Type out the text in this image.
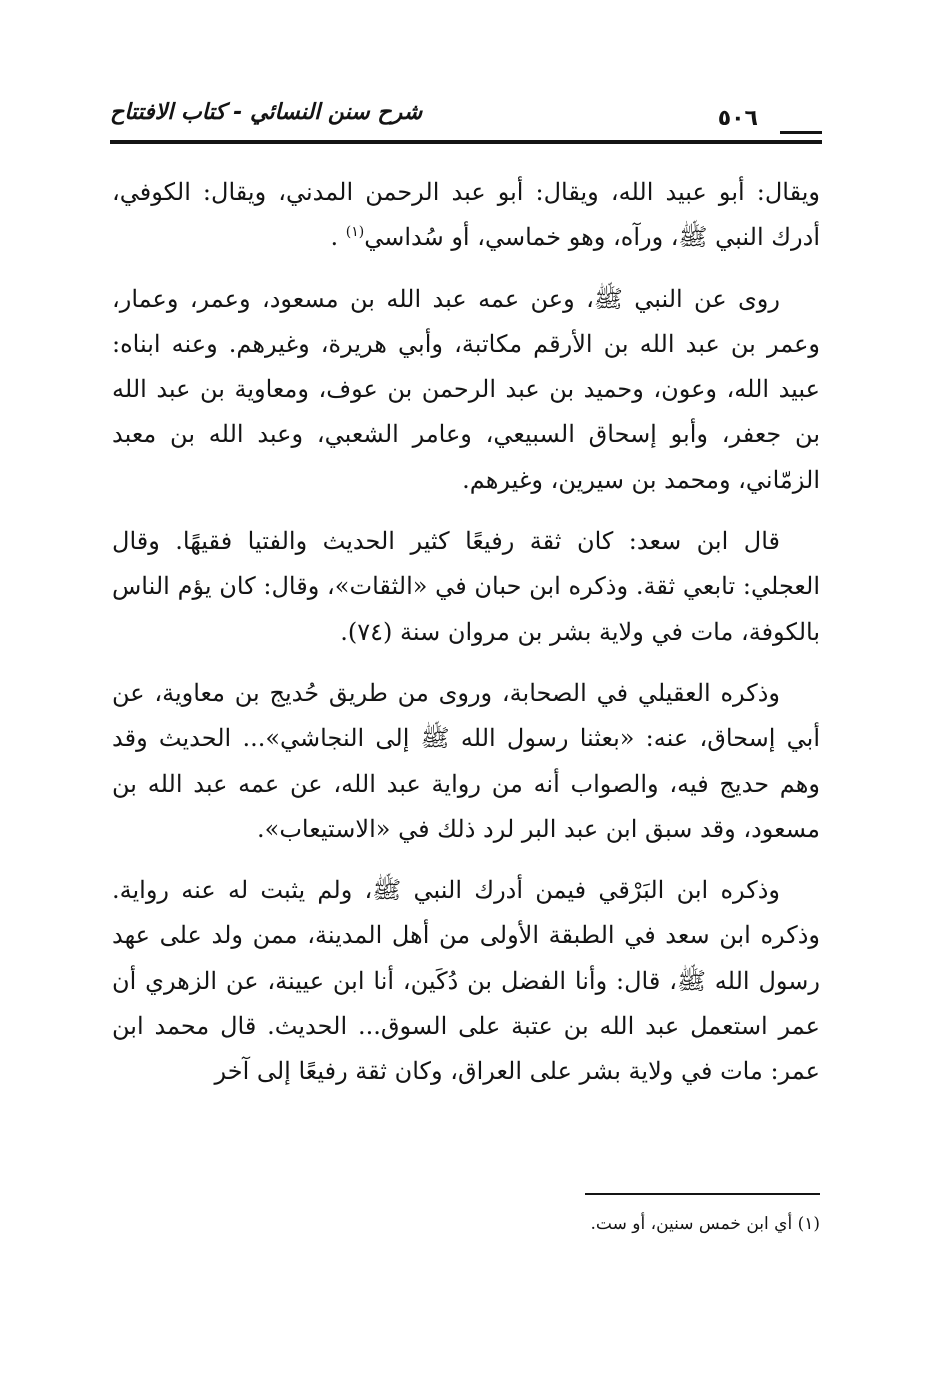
شرح سنن النسائي - كتاب الافتتاح	٥٠٦

ويقال: أبو عبيد الله، ويقال: أبو عبد الرحمن المدني، ويقال: الكوفي، أدرك النبي ﷺ، ورآه، وهو خماسي، أو سُداسي$^{(١)}$ .

روى عن النبي ﷺ، وعن عمه عبد الله بن مسعود، وعمر، وعمار، وعمر بن عبد الله بن الأرقم مكاتبة، وأبي هريرة، وغيرهم. وعنه ابناه: عبيد الله، وعون، وحميد بن عبد الرحمن بن عوف، ومعاوية بن عبد الله بن جعفر، وأبو إسحاق السبيعي، وعامر الشعبي، وعبد الله بن معبد الزمّاني، ومحمد بن سيرين، وغيرهم.

قال ابن سعد: كان ثقة رفيعًا كثير الحديث والفتيا فقيهًا. وقال العجلي: تابعي ثقة. وذكره ابن حبان في «الثقات»، وقال: كان يؤم الناس بالكوفة، مات في ولاية بشر بن مروان سنة (٧٤).

وذكره العقيلي في الصحابة، وروى من طريق حُديج بن معاوية، عن أبي إسحاق، عنه: «بعثنا رسول الله ﷺ إلى النجاشي»... الحديث وقد وهم حديج فيه، والصواب أنه من رواية عبد الله، عن عمه عبد الله بن مسعود، وقد سبق ابن عبد البر لرد ذلك في «الاستيعاب».

وذكره ابن البَرْقي فيمن أدرك النبي ﷺ، ولم يثبت له عنه رواية. وذكره ابن سعد في الطبقة الأولى من أهل المدينة، ممن ولد على عهد رسول الله ﷺ، قال: وأنا الفضل بن دُكَين، أنا ابن عيينة، عن الزهري أن عمر استعمل عبد الله بن عتبة على السوق... الحديث. قال محمد ابن عمر: مات في ولاية بشر على العراق، وكان ثقة رفيعًا إلى آخر

(١) أي ابن خمس سنين، أو ست.
